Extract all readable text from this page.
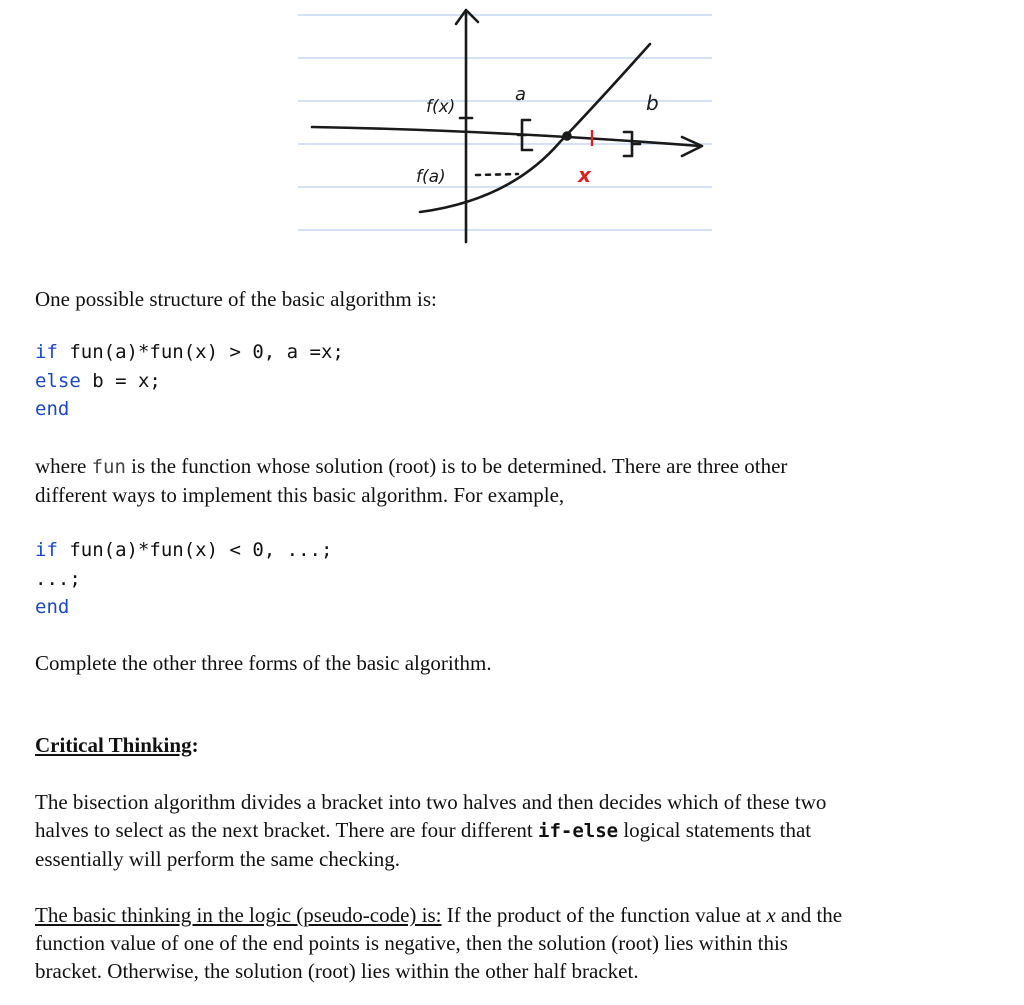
f(x)
f(a)
a	b
x

One possible structure of the basic algorithm is:

if fun(a)*fun(x) > 0, a =x;
else b = x;
end

where fun is the function whose solution (root) is to be determined. There are three other
different ways to implement this basic algorithm. For example,

if fun(a)*fun(x) < 0, ...;
...;
end

Complete the other three forms of the basic algorithm.

Critical Thinking:

The bisection algorithm divides a bracket into two halves and then decides which of these two
halves to select as the next bracket. There are four different if-else logical statements that
essentially will perform the same checking.

The basic thinking in the logic (pseudo-code) is: If the product of the function value at x and the
function value of one of the end points is negative, then the solution (root) lies within this
bracket. Otherwise, the solution (root) lies within the other half bracket.
